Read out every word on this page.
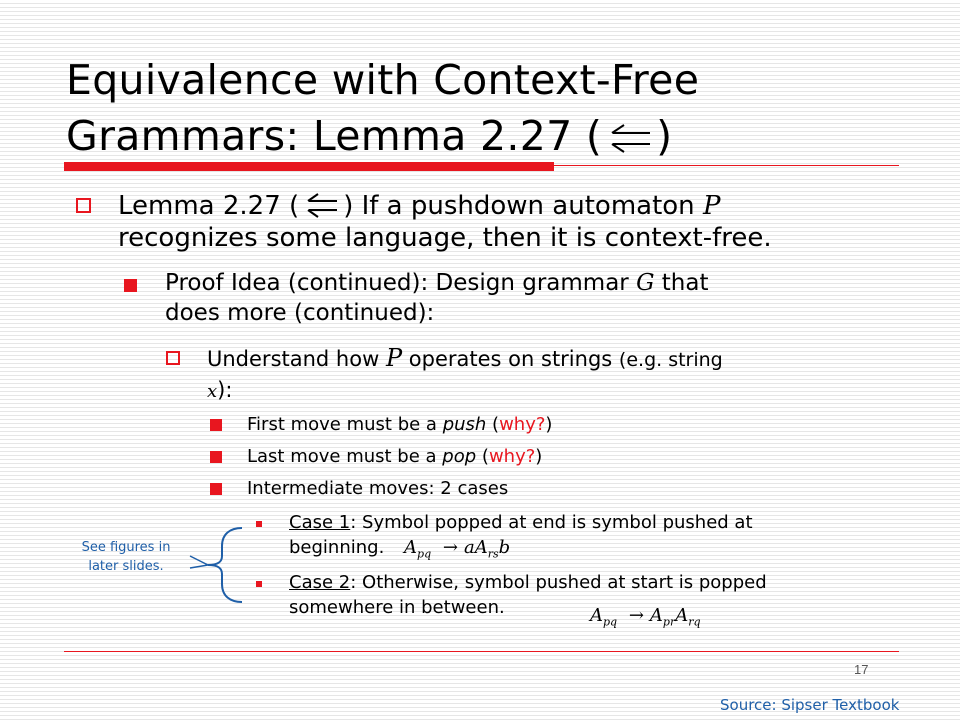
Equivalence with Context-Free
Grammars: Lemma 2.27 ( )
Lemma 2.27 ( ) If a pushdown automaton P
recognizes some language, then it is context-free.
Proof Idea (continued): Design grammar G that
does more (continued):
Understand how P operates on strings (e.g. string
x):
First move must be a push (why?)
Last move must be a pop (why?)
Intermediate moves: 2 cases
Case 1: Symbol popped at end is symbol pushed at
beginning. $A_{pq} \to aA_{rs}b$
Case 2: Otherwise, symbol pushed at start is popped
somewhere in between.	$A_{pq} \to A_{pr}A_{rq}$
See figures in
later slides.
17
Source: Sipser Textbook
